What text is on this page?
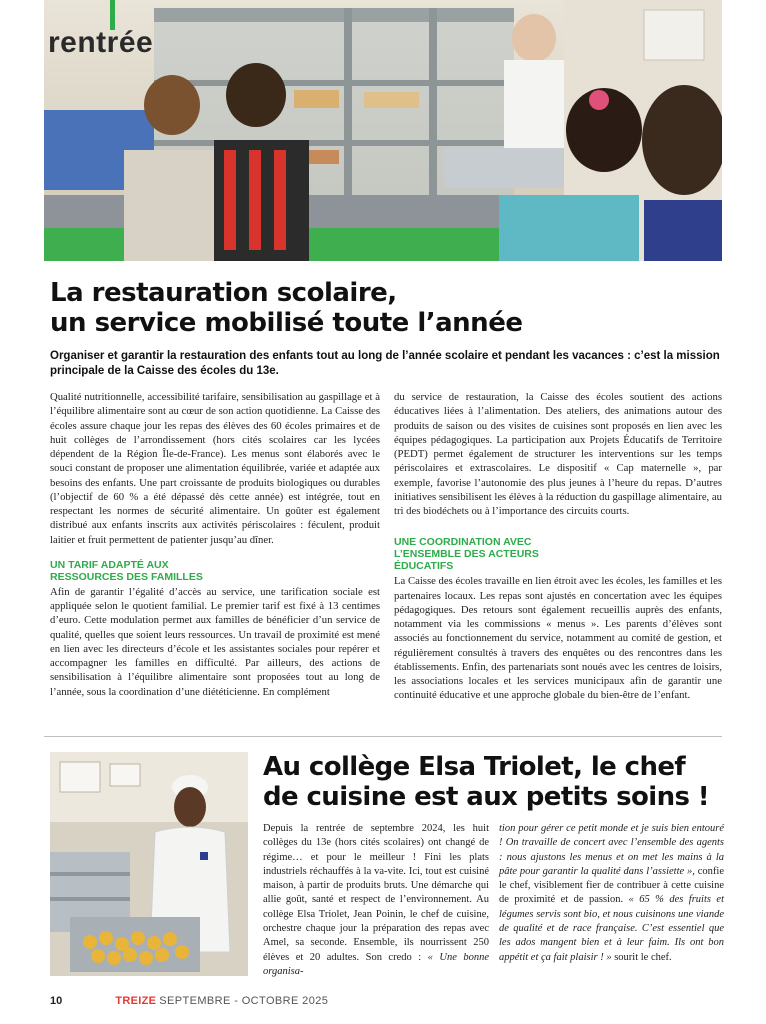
rentrée
La restauration scolaire,
un service mobilisé toute l’année
Organiser et garantir la restauration des enfants tout au long de l’année scolaire et pendant les vacances : c’est la mission principale de la Caisse des écoles du 13e.

Qualité nutritionnelle, accessibilité tarifaire, sensibilisation au gaspillage et à l’équilibre alimentaire sont au cœur de son action quotidienne. La Caisse des écoles assure chaque jour les repas des élèves des 60 écoles primaires et de huit collèges de l’arrondissement (hors cités scolaires car les lycées dépendent de la Région Île-de-France). Les menus sont élaborés avec le souci constant de proposer une alimentation équilibrée, variée et adaptée aux besoins des enfants. Une part croissante de produits biologiques ou durables (l’objectif de 60 % a été dépassé dès cette année) est intégrée, tout en respectant les normes de sécurité alimentaire. Un goûter est également distribué aux enfants inscrits aux activités périscolaires : féculent, produit laitier et fruit permettent de patienter jusqu’au dîner.

UN TARIF ADAPTÉ AUX
RESSOURCES DES FAMILLES

Afin de garantir l’égalité d’accès au service, une tarification sociale est appliquée selon le quotient familial. Le premier tarif est fixé à 13 centimes d’euro. Cette modulation permet aux familles de bénéficier d’un service de qualité, quelles que soient leurs ressources. Un travail de proximité est mené en lien avec les directeurs d’école et les assistantes sociales pour repérer et accompagner les familles en difficulté. Par ailleurs, des actions de sensibilisation à l’équilibre alimentaire sont proposées tout au long de l’année, sous la coordination d’une diététicienne. En complément

du service de restauration, la Caisse des écoles soutient des actions éducatives liées à l’alimentation. Des ateliers, des animations autour des produits de saison ou des visites de cuisines sont proposés en lien avec les équipes pédagogiques. La participation aux Projets Éducatifs de Territoire (PEDT) permet également de structurer les interventions sur les temps périscolaires et extrascolaires. Le dispositif « Cap maternelle », par exemple, favorise l’autonomie des plus jeunes à l’heure du repas. D’autres initiatives sensibilisent les élèves à la réduction du gaspillage alimentaire, au tri des biodéchets ou à l’importance des circuits courts.

UNE COORDINATION AVEC
L’ENSEMBLE DES ACTEURS
ÉDUCATIFS

La Caisse des écoles travaille en lien étroit avec les écoles, les familles et les partenaires locaux. Les repas sont ajustés en concertation avec les équipes pédagogiques. Des retours sont également recueillis auprès des enfants, notamment via les commissions « menus ». Les parents d’élèves sont associés au fonctionnement du service, notamment au comité de gestion, et régulièrement consultés à travers des enquêtes ou des rencontres dans les établissements. Enfin, des partenariats sont noués avec les centres de loisirs, les associations locales et les services municipaux afin de garantir une continuité éducative et une approche globale du bien-être de l’enfant.

Au collège Elsa Triolet, le chef
de cuisine est aux petits soins !

Depuis la rentrée de septembre 2024, les huit collèges du 13e (hors cités scolaires) ont changé de régime… et pour le meilleur ! Fini les plats industriels réchauffés à la va-vite. Ici, tout est cuisiné maison, à partir de produits bruts. Une démarche qui allie goût, santé et respect de l’environnement. Au collège Elsa Triolet, Jean Poinin, le chef de cuisine, orchestre chaque jour la préparation des repas avec Amel, sa seconde. Ensemble, ils nourrissent 250 élèves et 20 adultes. Son credo : « Une bonne organisa-

tion pour gérer ce petit monde et je suis bien entouré ! On travaille de concert avec l’ensemble des agents : nous ajustons les menus et on met les mains à la pâte pour garantir la qualité dans l’assiette », confie le chef, visiblement fier de contribuer à cette cuisine de proximité et de passion. « 65 % des fruits et légumes servis sont bio, et nous cuisinons une viande de qualité et de race française. C’est essentiel que les ados mangent bien et à leur faim. Ils ont bon appétit et ça fait plaisir ! » sourit le chef.

10	TREIZE SEPTEMBRE - OCTOBRE 2025
